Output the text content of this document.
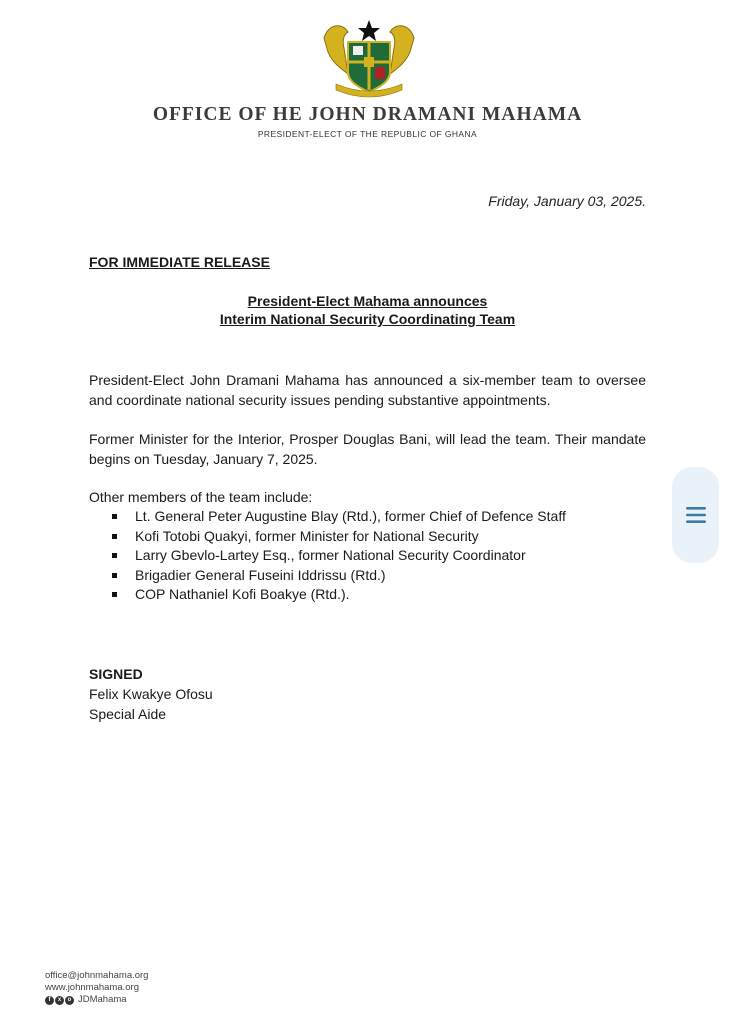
OFFICE OF HE JOHN DRAMANI MAHAMA
PRESIDENT-ELECT OF THE REPUBLIC OF GHANA
Friday, January 03, 2025.
FOR IMMEDIATE RELEASE
President-Elect Mahama announces
Interim National Security Coordinating Team
President-Elect John Dramani Mahama has announced a six-member team to oversee and coordinate national security issues pending substantive appointments.
Former Minister for the Interior, Prosper Douglas Bani, will lead the team. Their mandate begins on Tuesday, January 7, 2025.
Other members of the team include:
Lt. General Peter Augustine Blay (Rtd.), former Chief of Defence Staff
Kofi Totobi Quakyi, former Minister for National Security
Larry Gbevlo-Lartey Esq., former National Security Coordinator
Brigadier General Fuseini Iddrissu (Rtd.)
COP Nathaniel Kofi Boakye (Rtd.).
SIGNED
Felix Kwakye Ofosu
Special Aide
office@johnmahama.org
www.johnmahama.org
f	x	o JDMahama
